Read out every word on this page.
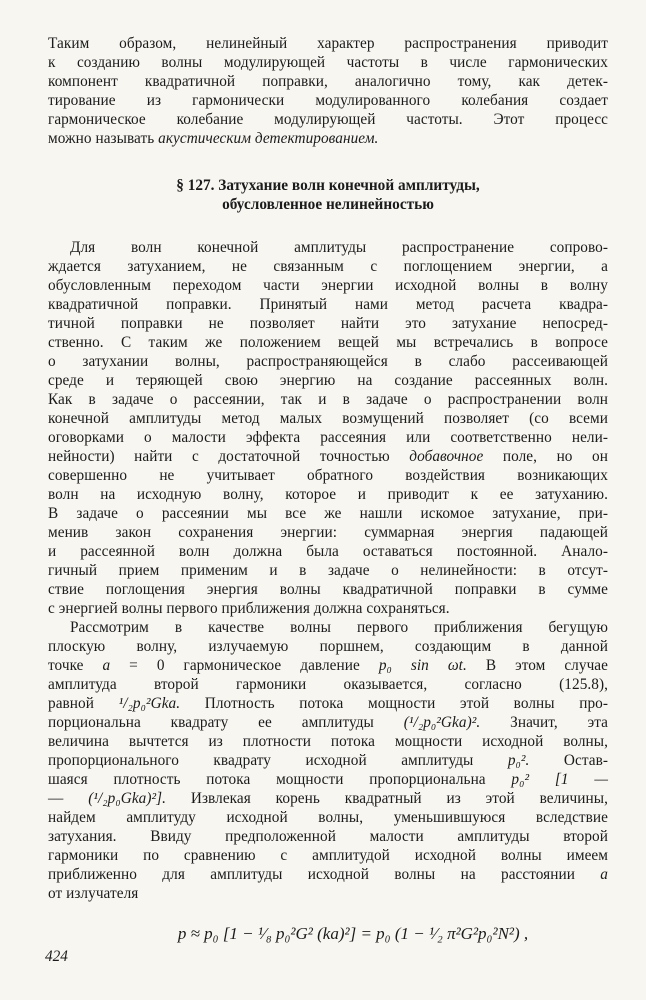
Таким образом, нелинейный характер распространения приводит
к созданию волны модулирующей частоты в числе гармонических
компонент квадратичной поправки, аналогично тому, как детек-
тирование из гармонически модулированного колебания создает
гармоническое колебание модулирующей частоты. Этот процесс
можно называть акустическим детектированием.
§ 127. Затухание волн конечной амплитуды,
обусловленное нелинейностью
Для волн конечной амплитуды распространение сопрово-
ждается затуханием, не связанным с поглощением энергии, а
обусловленным переходом части энергии исходной волны в волну
квадратичной поправки. Принятый нами метод расчета квадра-
тичной поправки не позволяет найти это затухание непосред-
ственно. С таким же положением вещей мы встречались в вопросе
о затухании волны, распространяющейся в слабо рассеивающей
среде и теряющей свою энергию на создание рассеянных волн.
Как в задаче о рассеянии, так и в задаче о распространении волн
конечной амплитуды метод малых возмущений позволяет (со всеми
оговорками о малости эффекта рассеяния или соответственно нели-
нейности) найти с достаточной точностью добавочное поле, но он
совершенно не учитывает обратного воздействия возникающих
волн на исходную волну, которое и приводит к ее затуханию.
В задаче о рассеянии мы все же нашли искомое затухание, при-
менив закон сохранения энергии: суммарная энергия падающей
и рассеянной волн должна была оставаться постоянной. Анало-
гичный прием применим и в задаче о нелинейности: в отсут-
ствие поглощения энергия волны квадратичной поправки в сумме
с энергией волны первого приближения должна сохраняться.
Рассмотрим в качестве волны первого приближения бегущую
плоскую волну, излучаемую поршнем, создающим в данной
точке a = 0 гармоническое давление p₀ sin ωt. В этом случае
амплитуда второй гармоники оказывается, согласно (125.8),
равной ¹/₂p₀²Gka. Плотность потока мощности этой волны про-
порциональна квадрату ее амплитуды (¹/₂p₀²Gka)². Значит, эта
величина вычтется из плотности потока мощности исходной волны,
пропорционального квадрату исходной амплитуды p₀². Остав-
шаяся плотность потока мощности пропорциональна p₀² [1 —
— (¹/₂p₀Gka)²]. Извлекая корень квадратный из этой величины,
найдем амплитуду исходной волны, уменьшившуюся вследствие
затухания. Ввиду предположенной малости амплитуды второй
гармоники по сравнению с амплитудой исходной волны имеем
приближенно для амплитуды исходной волны на расстоянии a
от излучателя
p ≈ p₀ [1 − ¹⁄₈ p₀²G² (ka)²] = p₀ (1 − ¹⁄₂ π²G²p₀²N²) ,
424
